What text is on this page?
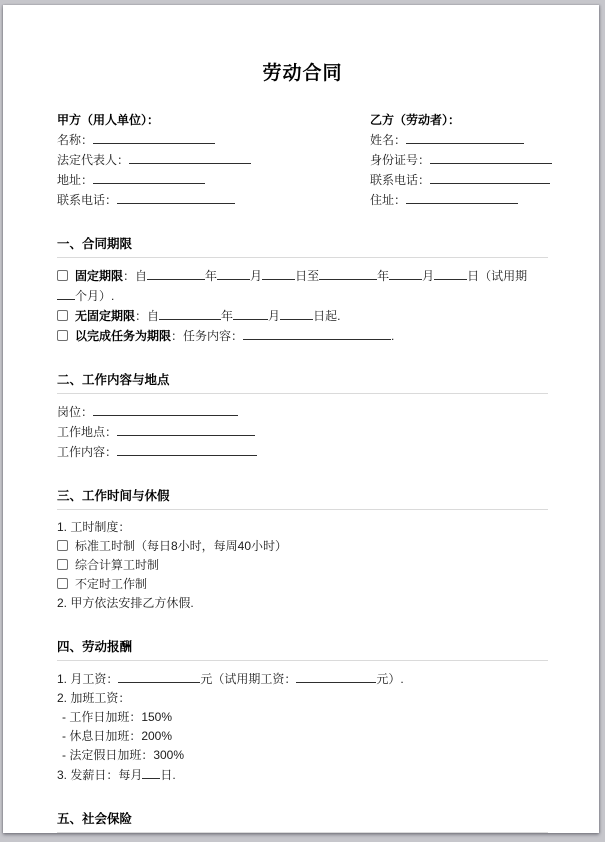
劳动合同
甲方（用人单位）：
名称：
法定代表人：
地址：
联系电话：
乙方（劳动者）：
姓名：
身份证号：
联系电话：
住址：
一、合同期限
固定期限：自	年	月	日至	年	月	日（试用期
个月）.
无固定期限：自	年	月	日起.
以完成任务为期限：任务内容：	.
二、工作内容与地点
岗位：
工作地点：
工作内容：
三、工作时间与休假
1. 工时制度：
标准工时制（每日8小时，每周40小时）
综合计算工时制
不定时工作制
2. 甲方依法安排乙方休假.
四、劳动报酬
1. 月工资：	元（试用期工资：	元）.
2. 加班工资：
- 工作日加班：150%
- 休息日加班：200%
- 法定假日加班：300%
3. 发薪日：每月 日.
五、社会保险
